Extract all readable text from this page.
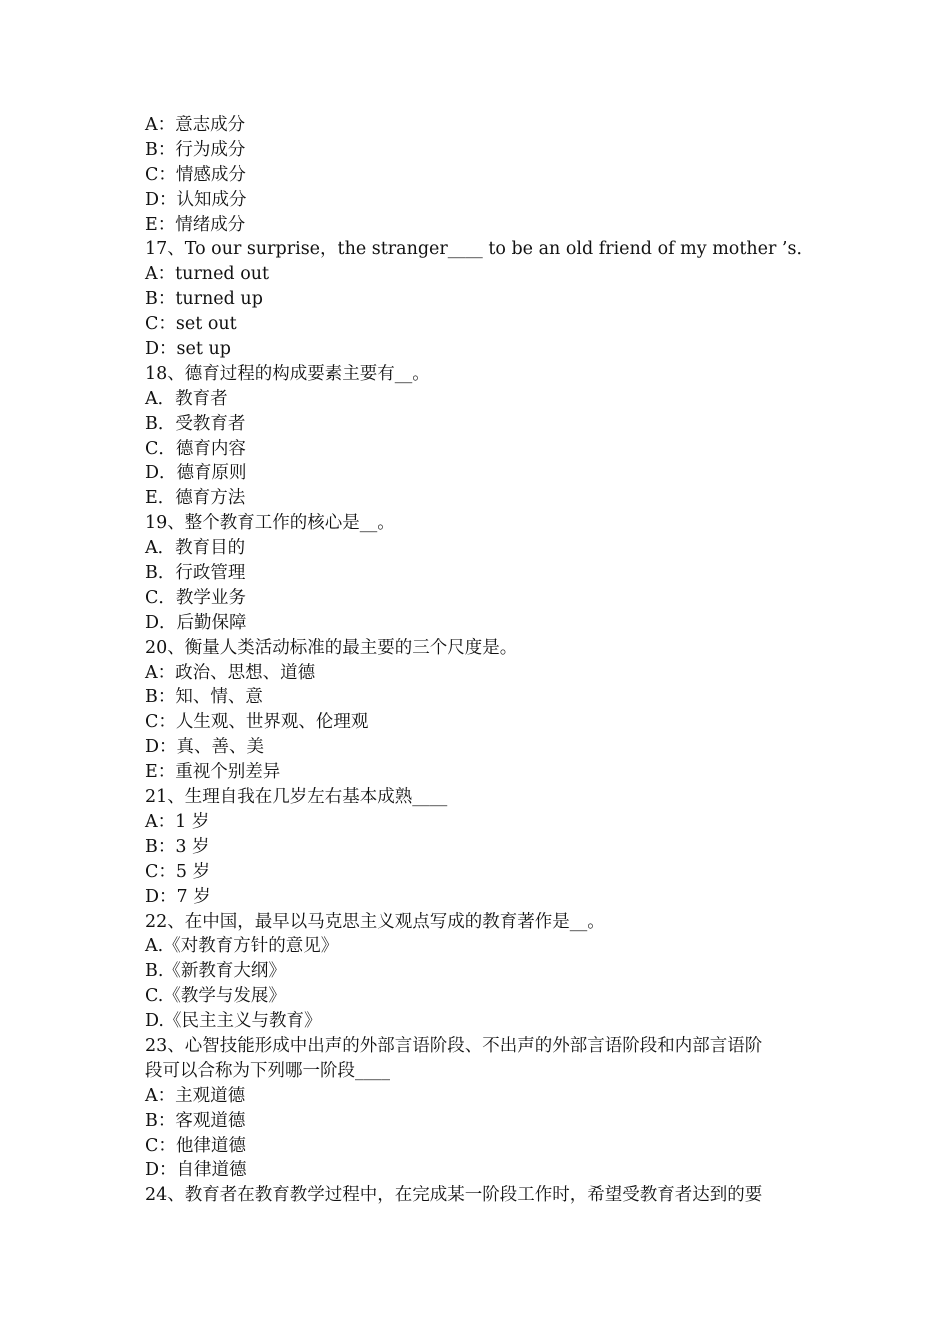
A：意志成分
B：行为成分
C：情感成分
D：认知成分
E：情绪成分
17、To our surprise，the stranger____ to be an old friend of my mother ’s．
A：turned out
B：turned up
C：set out
D：set up
18、德育过程的构成要素主要有__。
A．教育者
B．受教育者
C．德育内容
D．德育原则
E．德育方法
19、整个教育工作的核心是__。
A．教育目的
B．行政管理
C．教学业务
D．后勤保障
20、衡量人类活动标准的最主要的三个尺度是。
A：政治、思想、道德
B：知、情、意
C：人生观、世界观、伦理观
D：真、善、美
E：重视个别差异
21、生理自我在几岁左右基本成熟____
A：1 岁
B：3 岁
C：5 岁
D：7 岁
22、在中国，最早以马克思主义观点写成的教育著作是__。
A.《对教育方针的意见》
B.《新教育大纲》
C.《教学与发展》
D.《民主主义与教育》
23、心智技能形成中出声的外部言语阶段、不出声的外部言语阶段和内部言语阶
段可以合称为下列哪一阶段____
A：主观道德
B：客观道德
C：他律道德
D：自律道德
24、教育者在教育教学过程中，在完成某一阶段工作时，希望受教育者达到的要
